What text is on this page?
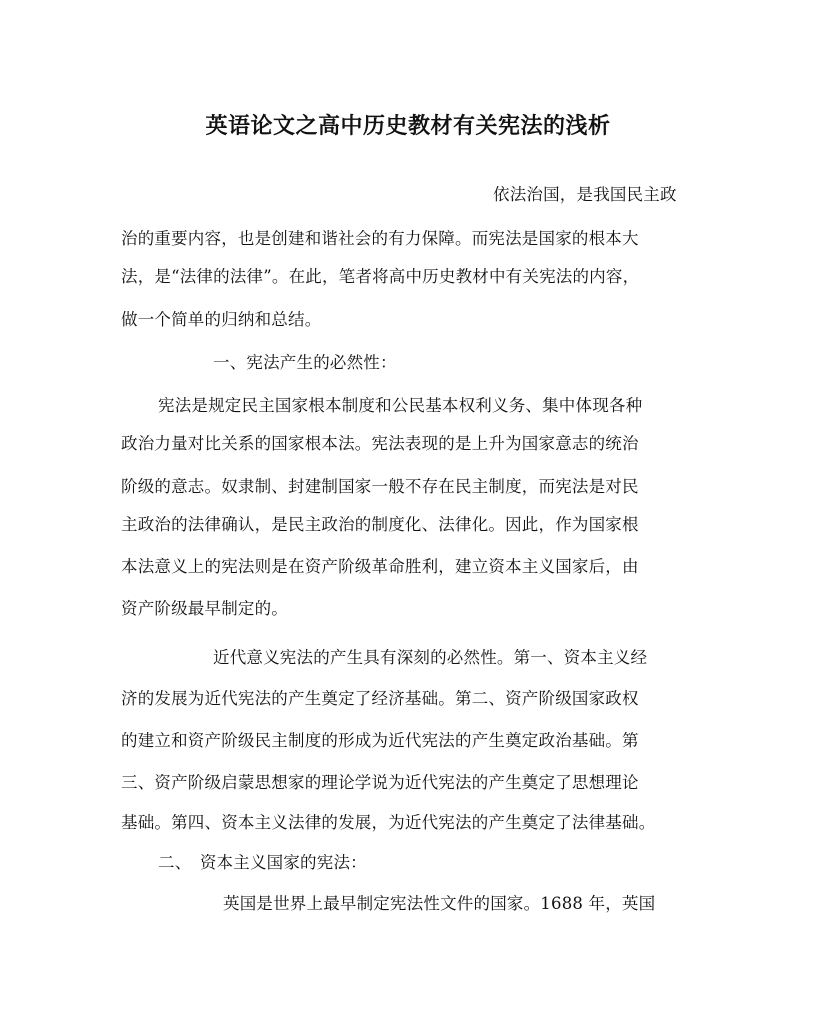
英语论文之高中历史教材有关宪法的浅析
依法治国，是我国民主政
治的重要内容，也是创建和谐社会的有力保障。而宪法是国家的根本大
法，是“法律的法律”。在此，笔者将高中历史教材中有关宪法的内容，
做一个简单的归纳和总结。
一、宪法产生的必然性：
宪法是规定民主国家根本制度和公民基本权利义务、集中体现各种
政治力量对比关系的国家根本法。宪法表现的是上升为国家意志的统治
阶级的意志。奴隶制、封建制国家一般不存在民主制度，而宪法是对民
主政治的法律确认，是民主政治的制度化、法律化。因此，作为国家根
本法意义上的宪法则是在资产阶级革命胜利，建立资本主义国家后，由
资产阶级最早制定的。
近代意义宪法的产生具有深刻的必然性。第一、资本主义经
济的发展为近代宪法的产生奠定了经济基础。第二、资产阶级国家政权
的建立和资产阶级民主制度的形成为近代宪法的产生奠定政治基础。第
三、资产阶级启蒙思想家的理论学说为近代宪法的产生奠定了思想理论
基础。第四、资本主义法律的发展，为近代宪法的产生奠定了法律基础。
二、　资本主义国家的宪法：
英国是世界上最早制定宪法性文件的国家。1688 年，英国
